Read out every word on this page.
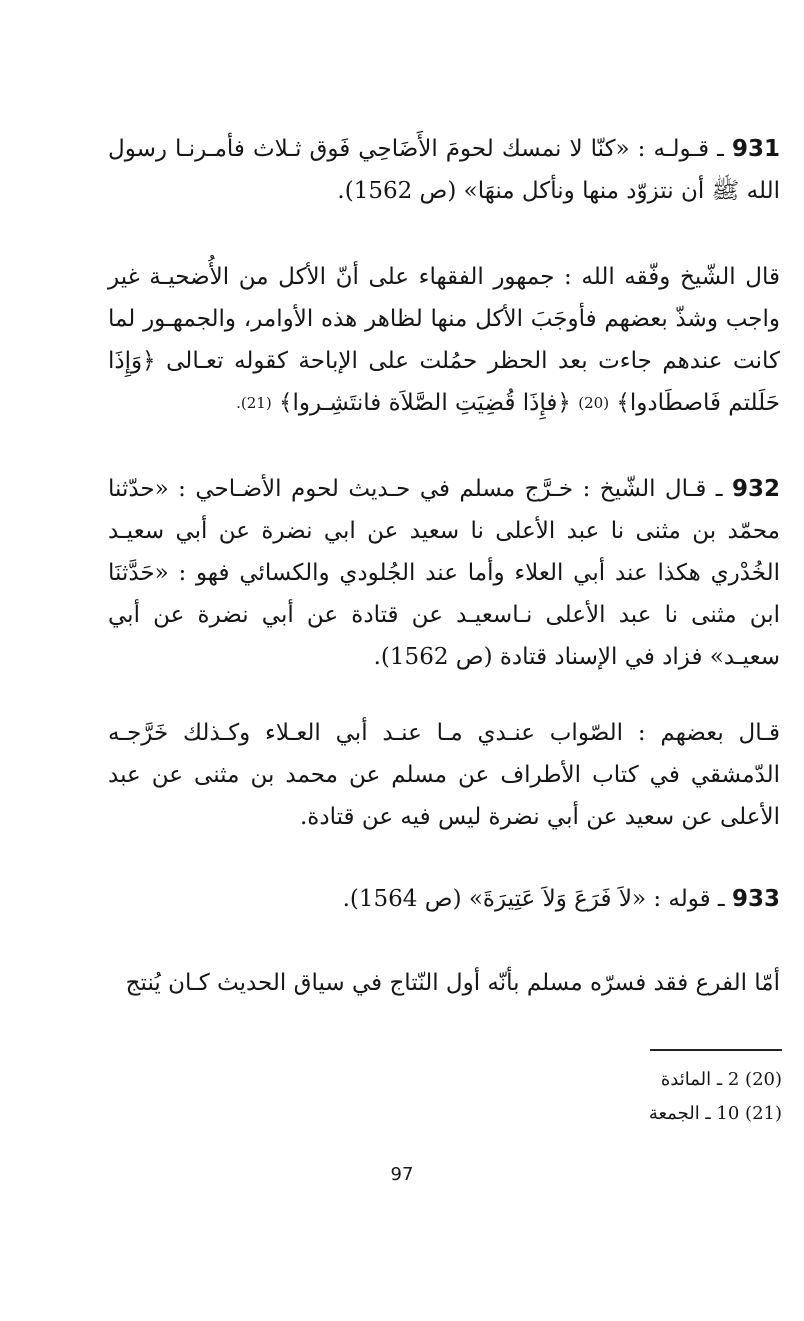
931 ـ قـولـه : «كنّا لا نمسك لحومَ الأَضَاحِي فَوق ثـلاث فأمـرنـا رسول الله ﷺ أن نتزوّد منها ونأكل منهَا» (ص 1562).

قال الشّيخ وفّقه الله : جمهور الفقهاء على أنّ الأكل من الأُضحيـة غير واجب وشذّ بعضهم فأوجَبَ الأكل منها لظاهر هذه الأوامر، والجمهـور لما كانت عندهم جاءت بعد الحظر حمُلت على الإباحة كقوله تعـالى ﴿وَإِذَا حَلَلتم فَاصطَادوا﴾ (20) ﴿فإِذَا قُضِيَتِ الصَّلاَة فانتَشِـروا﴾ (21).

932 ـ قـال الشّيخ : خـرَّج مسلم في حـديث لحوم الأضـاحي : «حدّثنا محمّد بن مثنى نا عبد الأعلى نا سعيد عن ابي نضرة عن أبي سعيـد الخُدْري هكذا عند أبي العلاء وأما عند الجُلودي والكسائي فهو : «حَدَّثنَا ابن مثنى نا عبد الأعلى نـاسعيـد عن قتادة عن أبي نضرة عن أبي سعيـد» فزاد في الإسناد قتادة (ص 1562).

قـال بعضهم : الصّواب عنـدي مـا عنـد أبي العـلاء وكـذلك خَرَّجـه الدّمشقي في كتاب الأطراف عن مسلم عن محمد بن مثنى عن عبد الأعلى عن سعيد عن أبي نضرة ليس فيه عن قتادة.

933 ـ قوله : «لاَ فَرَعَ وَلاَ عَتِيرَةَ» (ص 1564).

أمّا الفرع فقد فسرّه مسلم بأنّه أول النّتاج في سياق الحديث كـان يُنتج

(20) 2 ـ المائدة
(21) 10 ـ الجمعة
97
